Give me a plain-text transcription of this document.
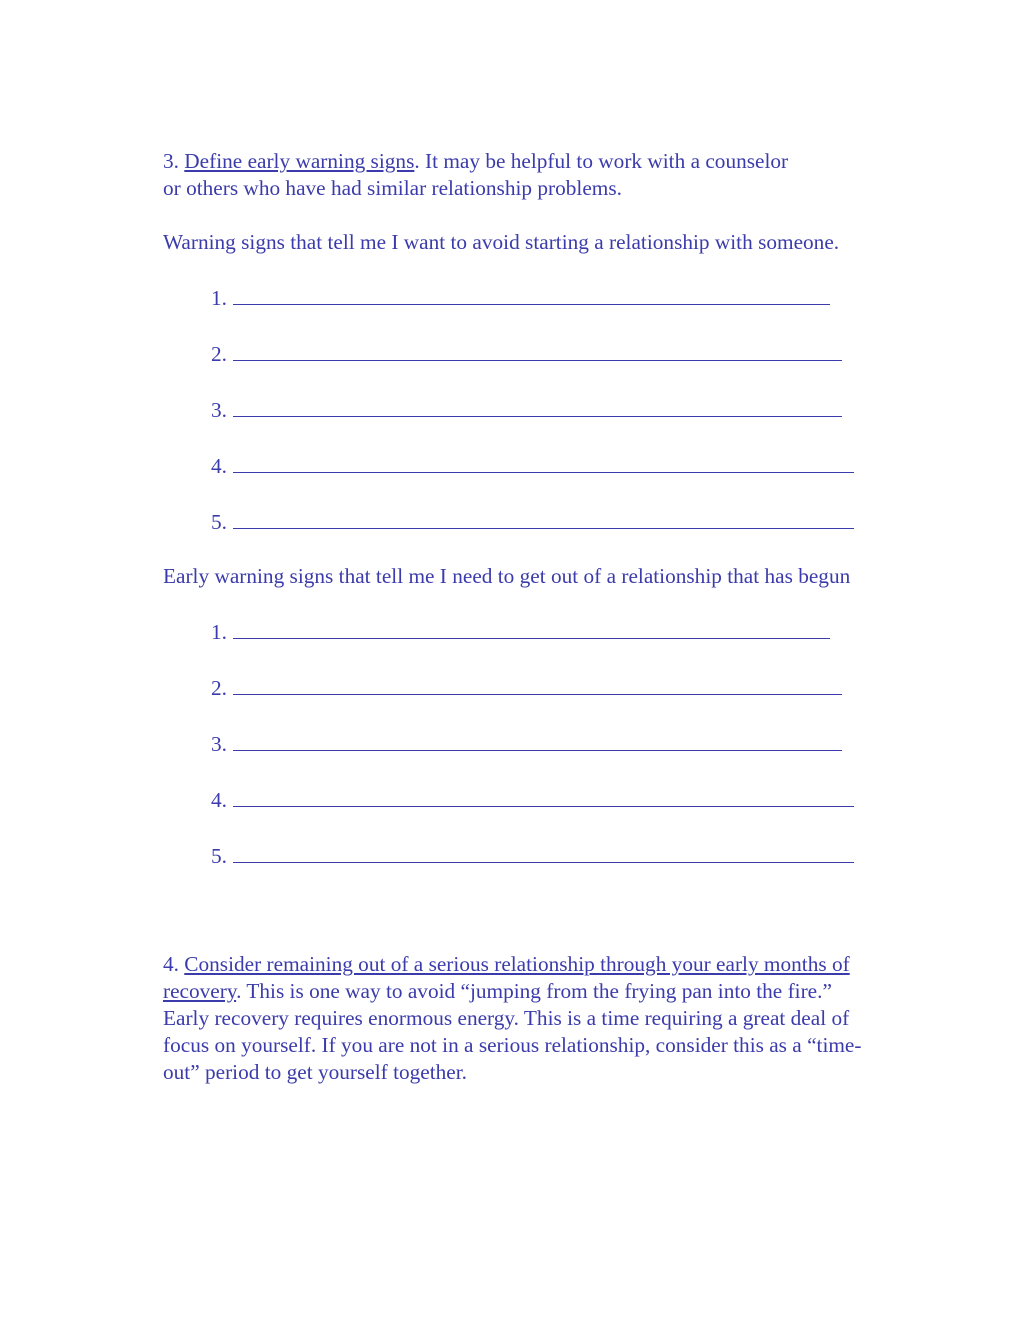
3. Define early warning signs. It may be helpful to work with a counselor
or others who have had similar relationship problems.

Warning signs that tell me I want to avoid starting a relationship with someone.

1.
2.
3.
4.
5.

Early warning signs that tell me I need to get out of a relationship that has begun

1.
2.
3.
4.
5.

4. Consider remaining out of a serious relationship through your early months of recovery. This is one way to avoid “jumping from the frying pan into the fire.” Early recovery requires enormous energy. This is a time requiring a great deal of focus on yourself. If you are not in a serious relationship, consider this as a “time-out” period to get yourself together.
